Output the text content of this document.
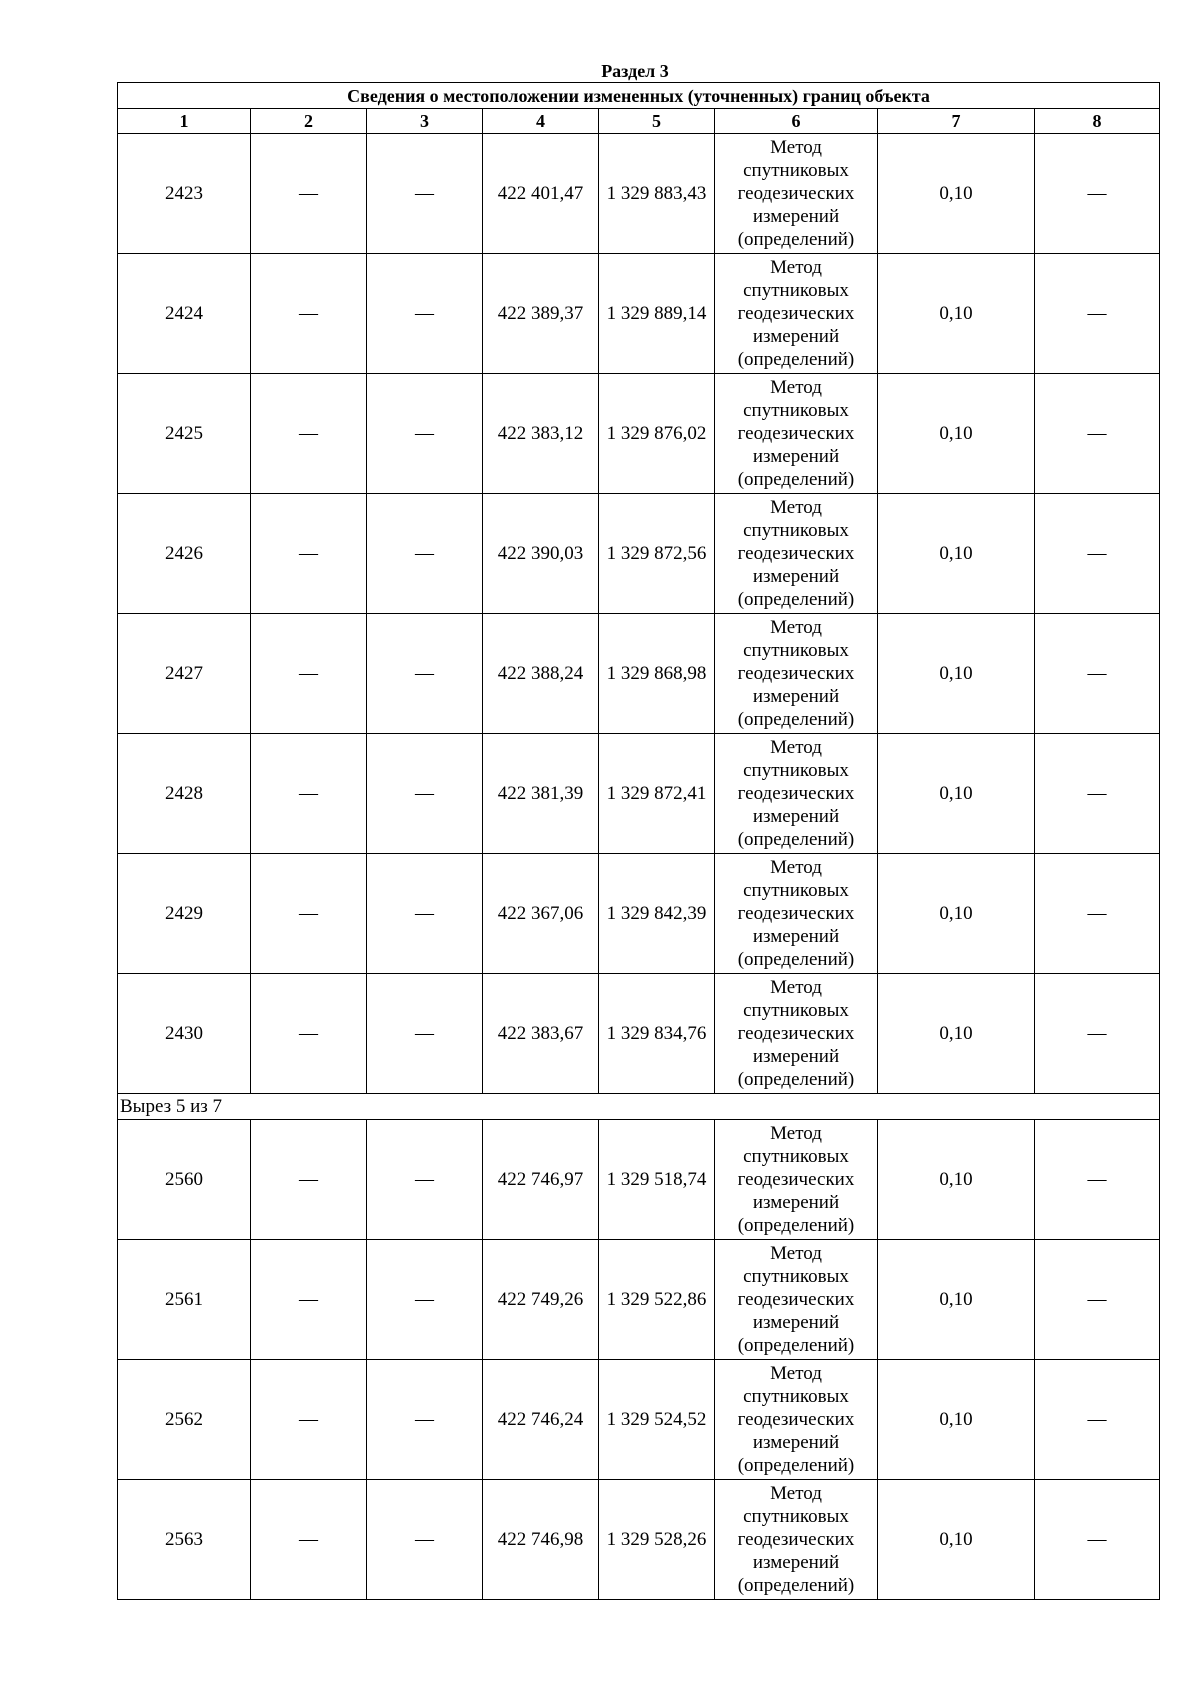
Раздел 3
Сведения о местоположении измененных (уточненных) границ объекта							
1	2	3	4	5	6	7	8
2423	—	—	422 401,47	1 329 883,43	Метод
спутниковых
геодезических
измерений
(определений)	0,10	—
2424	—	—	422 389,37	1 329 889,14	Метод
спутниковых
геодезических
измерений
(определений)	0,10	—
2425	—	—	422 383,12	1 329 876,02	Метод
спутниковых
геодезических
измерений
(определений)	0,10	—
2426	—	—	422 390,03	1 329 872,56	Метод
спутниковых
геодезических
измерений
(определений)	0,10	—
2427	—	—	422 388,24	1 329 868,98	Метод
спутниковых
геодезических
измерений
(определений)	0,10	—
2428	—	—	422 381,39	1 329 872,41	Метод
спутниковых
геодезических
измерений
(определений)	0,10	—
2429	—	—	422 367,06	1 329 842,39	Метод
спутниковых
геодезических
измерений
(определений)	0,10	—
2430	—	—	422 383,67	1 329 834,76	Метод
спутниковых
геодезических
измерений
(определений)	0,10	—
Вырез 5 из 7							
2560	—	—	422 746,97	1 329 518,74	Метод
спутниковых
геодезических
измерений
(определений)	0,10	—
2561	—	—	422 749,26	1 329 522,86	Метод
спутниковых
геодезических
измерений
(определений)	0,10	—
2562	—	—	422 746,24	1 329 524,52	Метод
спутниковых
геодезических
измерений
(определений)	0,10	—
2563	—	—	422 746,98	1 329 528,26	Метод
спутниковых
геодезических
измерений
(определений)	0,10	—
